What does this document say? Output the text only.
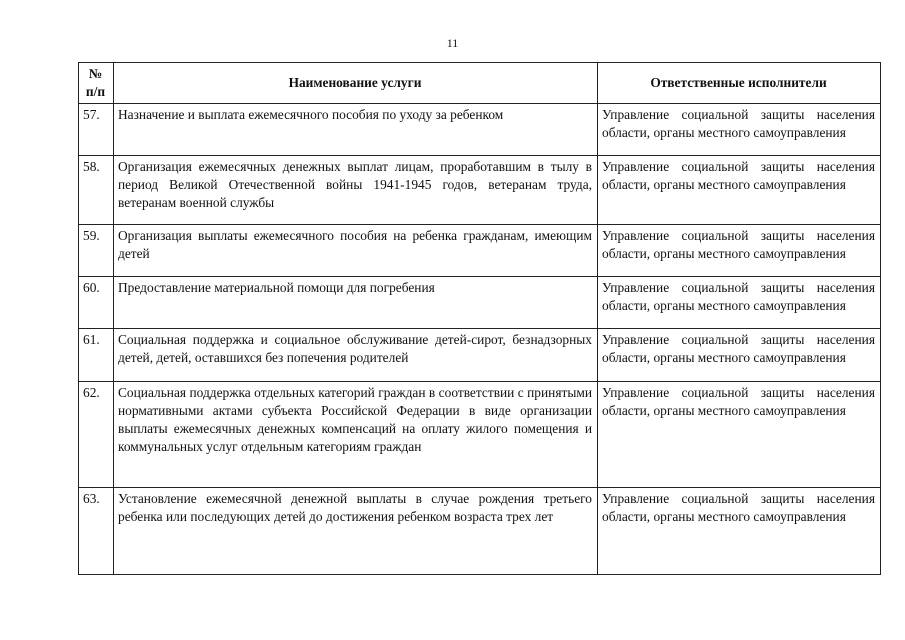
11
№ п/п	Наименование услуги	Ответственные исполнители
57.	Назначение и выплата ежемесячного пособия по уходу за ребенком	Управление социальной защиты населения области, органы местного самоуправления
58.	Организация ежемесячных денежных выплат лицам, проработавшим в тылу в период Великой Отечественной войны 1941-1945 годов, ветеранам труда, ветеранам военной службы	Управление социальной защиты населения области, органы местного самоуправления
59.	Организация выплаты ежемесячного пособия на ребенка гражданам, имеющим детей	Управление социальной защиты населения области, органы местного самоуправления
60.	Предоставление материальной помощи для погребения	Управление социальной защиты населения области, органы местного самоуправления
61.	Социальная поддержка и социальное обслуживание детей-сирот, безнадзорных детей, детей, оставшихся без попечения родителей	Управление социальной защиты населения области, органы местного самоуправления
62.	Социальная поддержка отдельных категорий граждан в соответствии с принятыми нормативными актами субъекта Российской Федерации в виде организации выплаты ежемесячных денежных компенсаций на оплату жилого помещения и коммунальных услуг отдельным категориям граждан	Управление социальной защиты населения области, органы местного самоуправления
63.	Установление ежемесячной денежной выплаты в случае рождения третьего ребенка или последующих детей до достижения ребенком возраста трех лет	Управление социальной защиты населения области, органы местного самоуправления
